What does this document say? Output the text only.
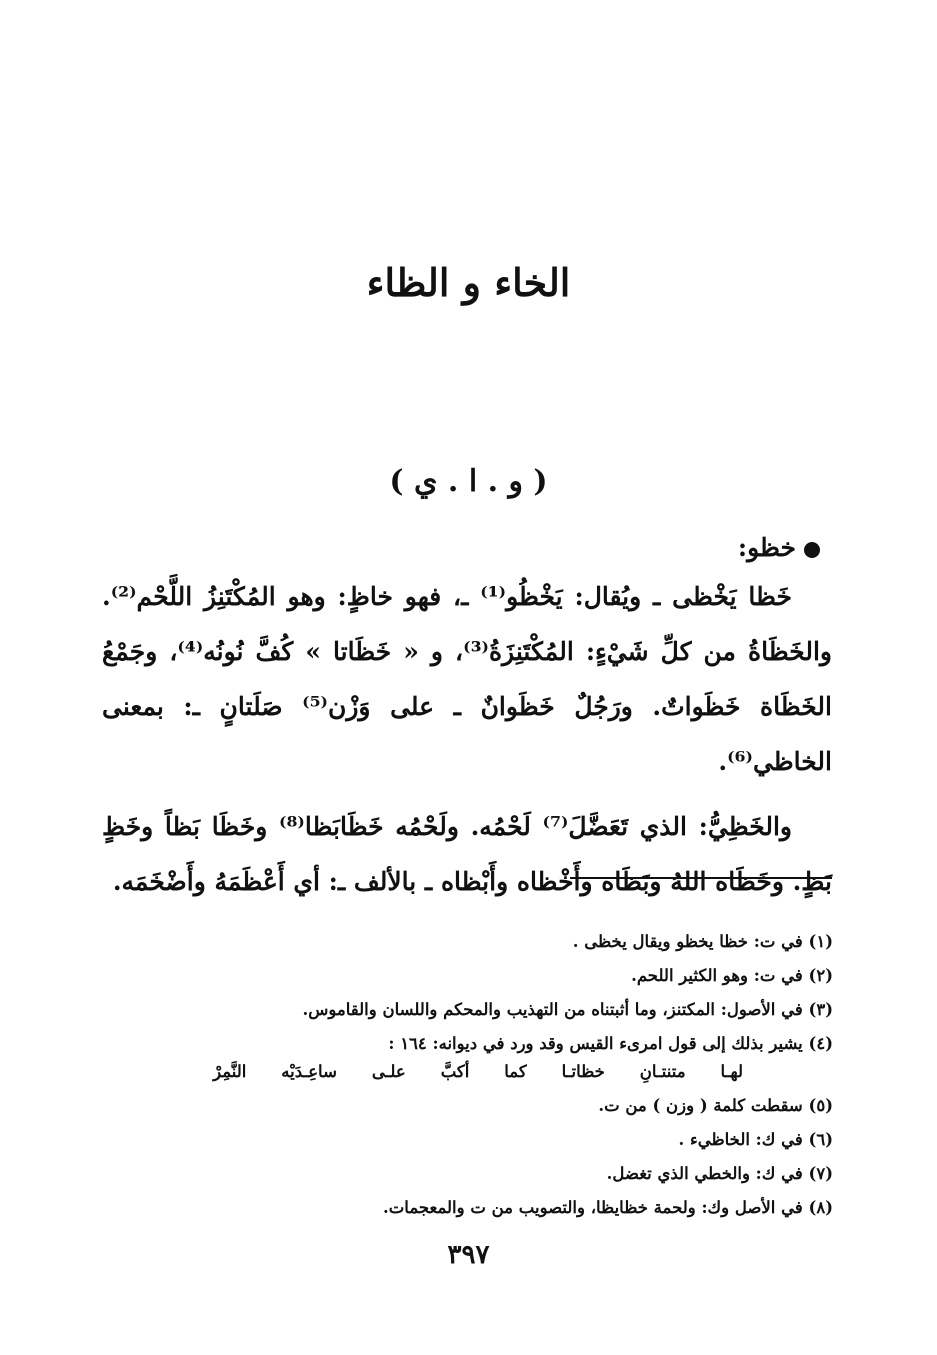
الخاء و الظاء
( و . ا . ي )
خظو:
خَظا يَخْظى ـ ويُقال: يَخْظُو⁽¹⁾ ـ، فهو خاظٍ: وهو المُكْتَنِزُ اللَّحْم⁽²⁾. والخَظَاةُ من كلِّ شَيْءٍ: المُكْتَنِزَةُ⁽³⁾، و « خَظَاتا » كُفَّ نُونُه⁽⁴⁾، وجَمْعُ الخَظَاة خَظَواتٌ. ورَجُلٌ خَظَوانٌ ـ على وَزْن⁽⁵⁾ صَلَتانٍ ـ: بمعنى الخاظي⁽⁶⁾.
والخَظِيُّ: الذي تَعَضَّلَ⁽⁷⁾ لَحْمُه. ولَحْمُه خَظَابَظا⁽⁸⁾ وخَظَا بَظاً وخَظٍ بَظٍ. وخَظَاه اللهُ وبَظَاه وأَخْظاه وأَبْظاه ـ بالألف ـ: أي أَعْظَمَهُ وأَضْخَمَه.
(١) في ت: خظا يخظو ويقال يخظى .
(٢) في ت: وهو الكثير اللحم.
(٣) في الأصول: المكتنز، وما أثبتناه من التهذيب والمحكم واللسان والقاموس.
(٤) يشير بذلك إلى قول امرىء القيس وقد ورد في ديوانه: ١٦٤ :
لهـا
متنتـانِ
خظاتـا
كما
أكبَّ
علـى
ساعِـدَيْه
النَّمِرْ
(٥) سقطت كلمة ( وزن ) من ت.
(٦) في ك: الخاظيء .
(٧) في ك: والخطي الذي تغضل.
(٨) في الأصل وك: ولحمة خظايظا، والتصويب من ت والمعجمات.
٣٩٧
